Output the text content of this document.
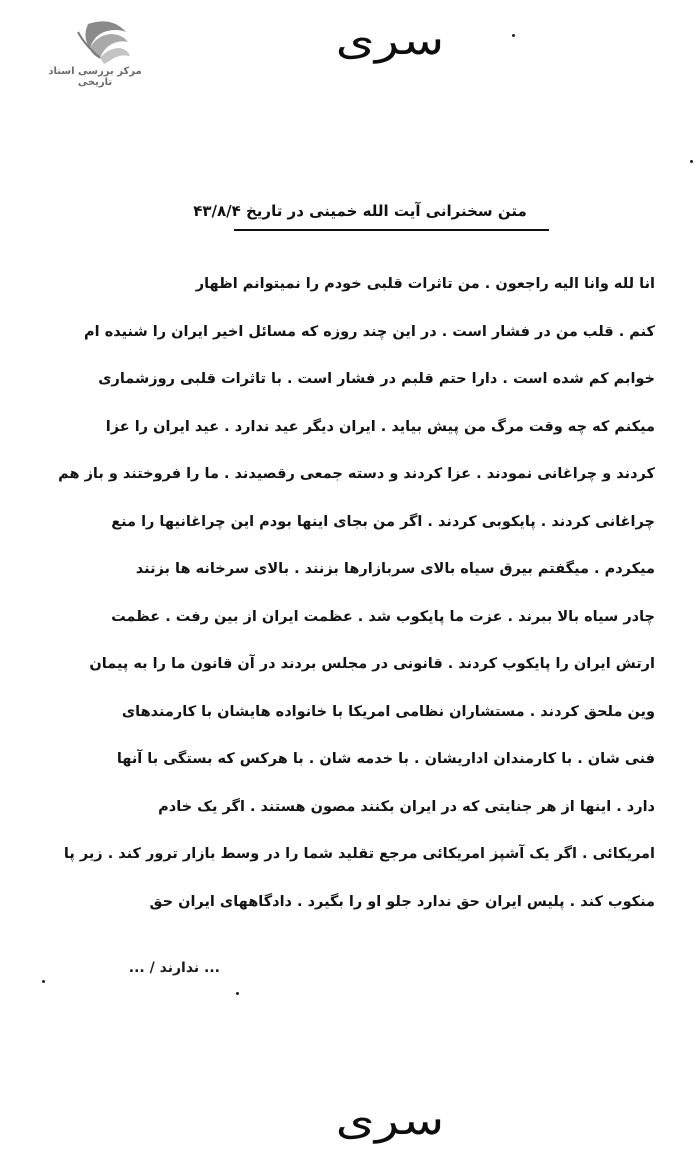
مرکز بررسی اسناد تاریخی
سری
متن سخنرانی آیت الله خمینی در تاریخ ۴۳/۸/۴
انا لله وانا الیه راجعون . من تاثرات قلبی خودم را نمیتوانم اظهار
کنم . قلب من در فشار است . در این چند روزه که مسائل اخیر ایران را شنیده ام
خوابم کم شده است . دارا حتم قلبم در فشار است . با تاثرات قلبی روزشماری
میکنم که چه وقت مرگ من پیش بیاید . ایران دیگر عید ندارد . عید ایران را عزا
کردند و چراغانی نمودند . عزا کردند و دسته جمعی رقصیدند . ما را فروختند و باز هم
چراغانی کردند . پایکوبی کردند . اگر من بجای اینها بودم این چراغانیها را منع
میکردم . میگفتم بیرق سیاه بالای سربازارها بزنند . بالای سرخانه ها بزنند
چادر سیاه بالا ببرند . عزت ما پایکوب شد . عظمت ایران از بین رفت . عظمت
ارتش ایران را پایکوب کردند . قانونی در مجلس بردند در آن قانون ما را به پیمان
وین ملحق کردند . مستشاران نظامی امریکا با خانواده هایشان با کارمندهای
فنی شان . با کارمندان اداریشان . با خدمه شان . با هرکس که بستگی با آنها
دارد . اینها از هر جنایتی که در ایران بکنند مصون هستند . اگر یک خادم
امریکائی . اگر یک آشپز امریکائی مرجع تقلید شما را در وسط بازار ترور کند . زیر پا
منکوب کند . پلیس ایران حق ندارد جلو او را بگیرد . دادگاههای ایران حق
... ندارند / ...
سری
